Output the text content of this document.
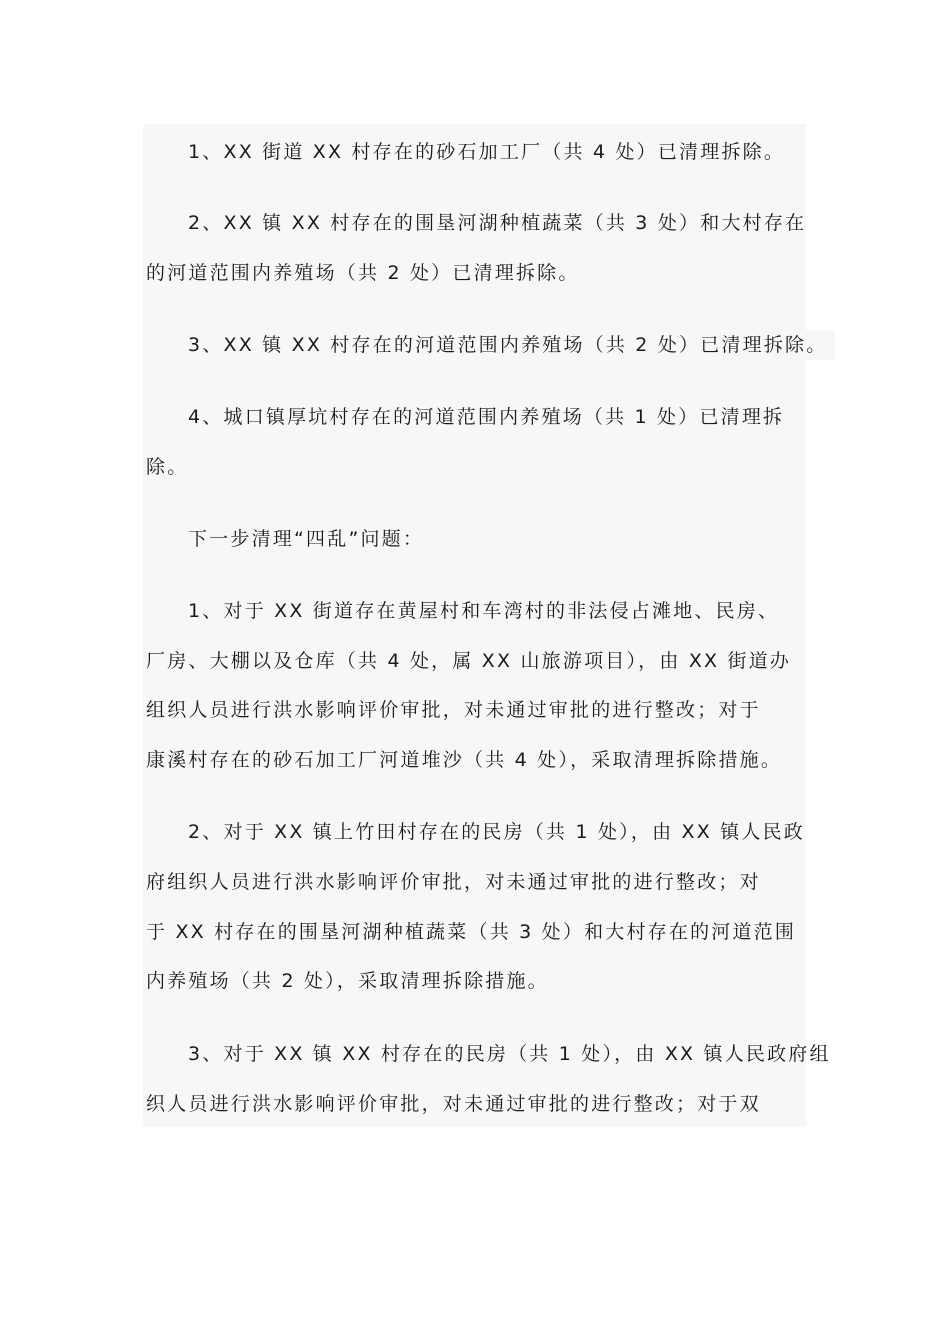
1、XX 街道 XX 村存在的砂石加工厂（共 4 处）已清理拆除。
2、XX 镇 XX 村存在的围垦河湖种植蔬菜（共 3 处）和大村存在
的河道范围内养殖场（共 2 处）已清理拆除。
3、XX 镇 XX 村存在的河道范围内养殖场（共 2 处）已清理拆除。
4、城口镇厚坑村存在的河道范围内养殖场（共 1 处）已清理拆
除。
下一步清理“四乱”问题：
1、对于 XX 街道存在黄屋村和车湾村的非法侵占滩地、民房、
厂房、大棚以及仓库（共 4 处，属 XX 山旅游项目），由 XX 街道办
组织人员进行洪水影响评价审批，对未通过审批的进行整改；对于
康溪村存在的砂石加工厂河道堆沙（共 4 处），采取清理拆除措施。
2、对于 XX 镇上竹田村存在的民房（共 1 处），由 XX 镇人民政
府组织人员进行洪水影响评价审批，对未通过审批的进行整改；对
于 XX 村存在的围垦河湖种植蔬菜（共 3 处）和大村存在的河道范围
内养殖场（共 2 处），采取清理拆除措施。
3、对于 XX 镇 XX 村存在的民房（共 1 处），由 XX 镇人民政府组
织人员进行洪水影响评价审批，对未通过审批的进行整改；对于双
